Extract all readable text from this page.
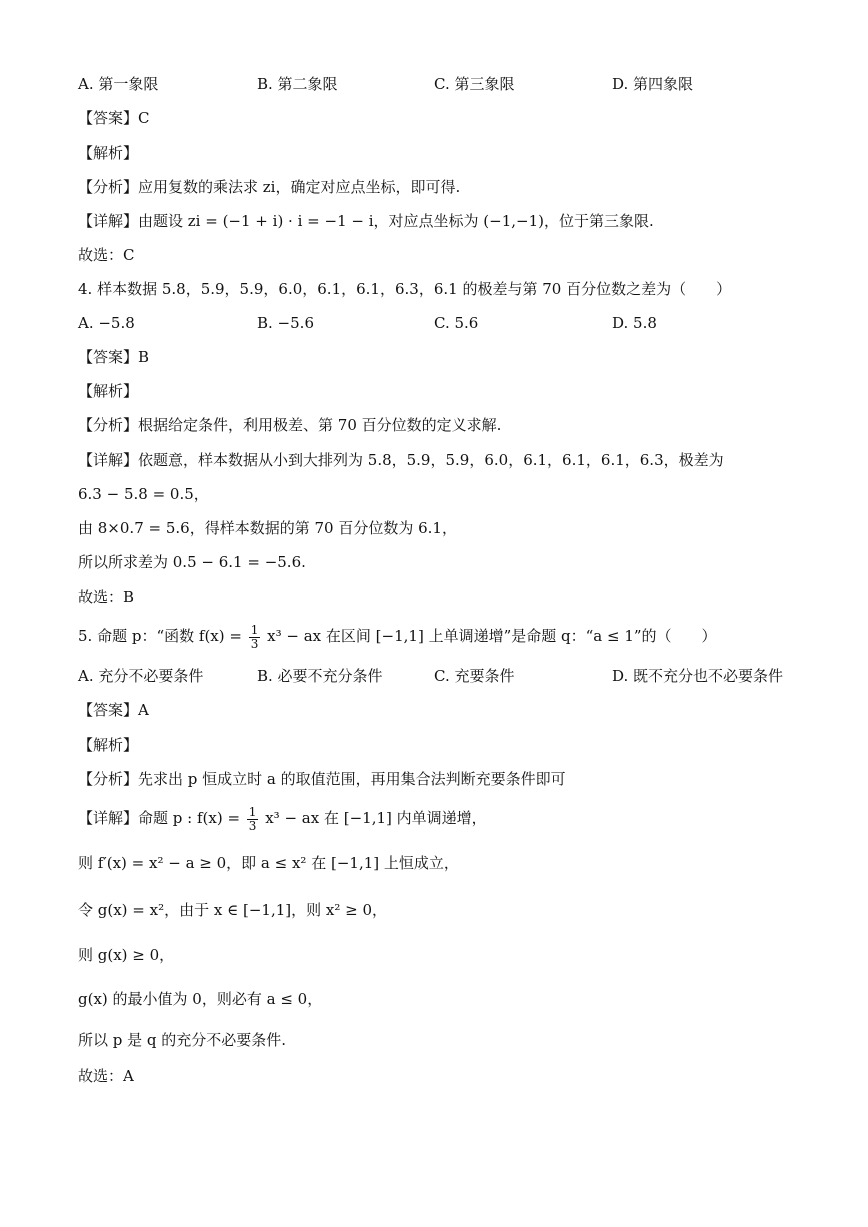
A. 第一象限	B. 第二象限	C. 第三象限	D. 第四象限
【答案】C
【解析】
【分析】应用复数的乘法求 zi，确定对应点坐标，即可得.
【详解】由题设 zi = (−1 + i) · i = −1 − i，对应点坐标为 (−1,−1)，位于第三象限.
故选：C
4. 样本数据 5.8，5.9，5.9，6.0，6.1，6.1，6.3，6.1 的极差与第 70 百分位数之差为（　　）
A. −5.8	B. −5.6	C. 5.6	D. 5.8
【答案】B
【解析】
【分析】根据给定条件，利用极差、第 70 百分位数的定义求解.
【详解】依题意，样本数据从小到大排列为 5.8，5.9，5.9，6.0，6.1，6.1，6.1，6.3，极差为
6.3 − 5.8 = 0.5，
由 8×0.7 = 5.6，得样本数据的第 70 百分位数为 6.1，
所以所求差为 0.5 − 6.1 = −5.6.
故选：B
5. 命题 p：“函数 $f(x) = \frac{1}{3} x^3$ − ax 在区间 [−1,1] 上单调递增”是命题 q：“a ≤ 1”的（　　）
A. 充分不必要条件	B. 必要不充分条件	C. 充要条件	D. 既不充分也不必要条件
【答案】A
【解析】
【分析】先求出 p 恒成立时 a 的取值范围，再用集合法判断充要条件即可
【详解】命题 p : $f(x) = \frac{1}{3} x^3$ − ax 在 [−1,1] 内单调递增，
则 f′(x) = x² − a ≥ 0，即 a ≤ x² 在 [−1,1] 上恒成立，
令 g(x) = x²，由于 x ∈ [−1,1]，则 x² ≥ 0，
则 g(x) ≥ 0，
g(x) 的最小值为 0，则必有 a ≤ 0，
所以 p 是 q 的充分不必要条件.
故选：A
